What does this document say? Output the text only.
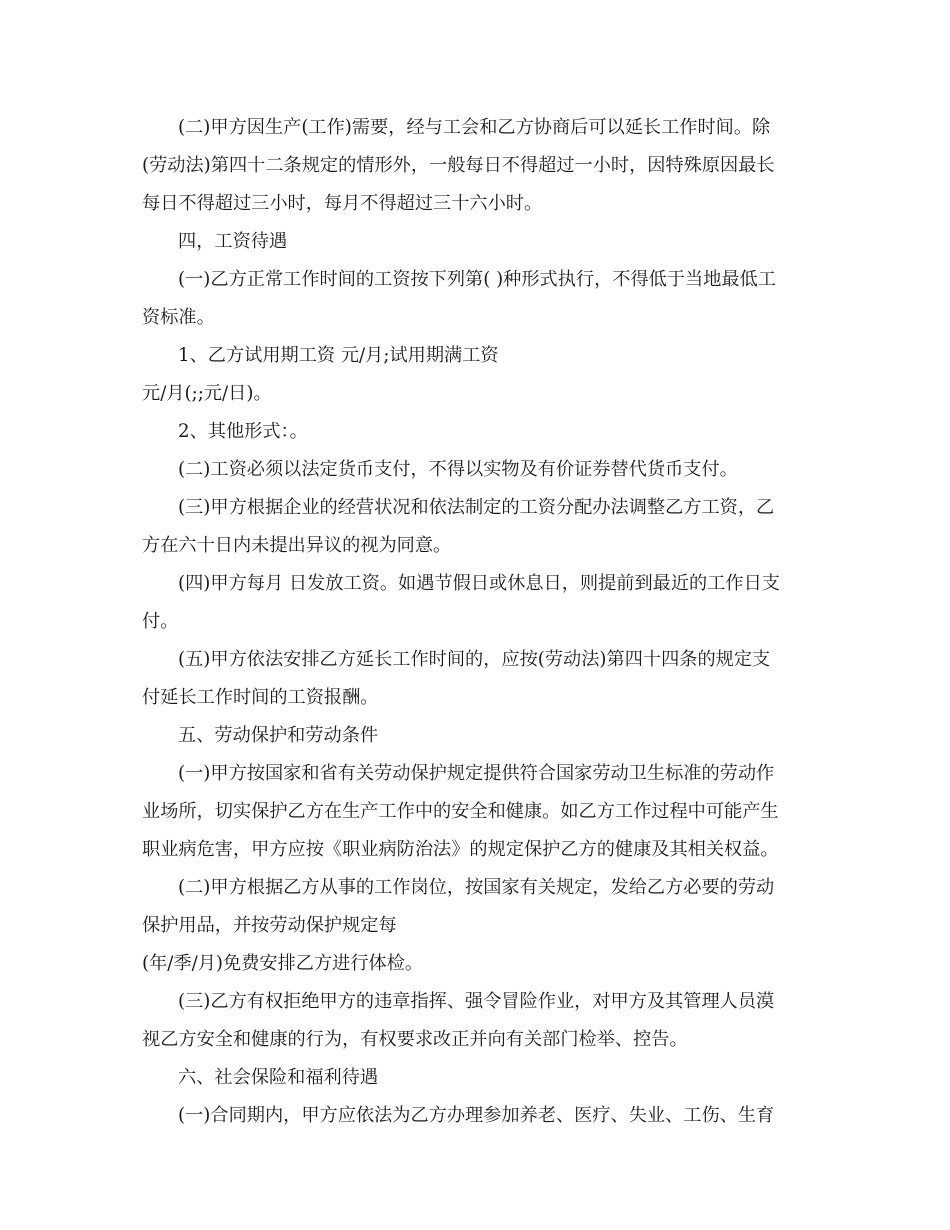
(二)甲方因生产(工作)需要，经与工会和乙方协商后可以延长工作时间。除
(劳动法)第四十二条规定的情形外，一般每日不得超过一小时，因特殊原因最长
每日不得超过三小时，每月不得超过三十六小时。
四，工资待遇
(一)乙方正常工作时间的工资按下列第( )种形式执行，不得低于当地最低工
资标准。
1、乙方试用期工资 元/月;试用期满工资
元/月(;;元/日)。
2、其他形式：。
(二)工资必须以法定货币支付，不得以实物及有价证券替代货币支付。
(三)甲方根据企业的经营状况和依法制定的工资分配办法调整乙方工资，乙
方在六十日内未提出异议的视为同意。
(四)甲方每月 日发放工资。如遇节假日或休息日，则提前到最近的工作日支
付。
(五)甲方依法安排乙方延长工作时间的，应按(劳动法)第四十四条的规定支
付延长工作时间的工资报酬。
五、劳动保护和劳动条件
(一)甲方按国家和省有关劳动保护规定提供符合国家劳动卫生标准的劳动作
业场所，切实保护乙方在生产工作中的安全和健康。如乙方工作过程中可能产生
职业病危害，甲方应按《职业病防治法》的规定保护乙方的健康及其相关权益。
(二)甲方根据乙方从事的工作岗位，按国家有关规定，发给乙方必要的劳动
保护用品，并按劳动保护规定每
(年/季/月)免费安排乙方进行体检。
(三)乙方有权拒绝甲方的违章指挥、强令冒险作业，对甲方及其管理人员漠
视乙方安全和健康的行为，有权要求改正并向有关部门检举、控告。
六、社会保险和福利待遇
(一)合同期内，甲方应依法为乙方办理参加养老、医疗、失业、工伤、生育
